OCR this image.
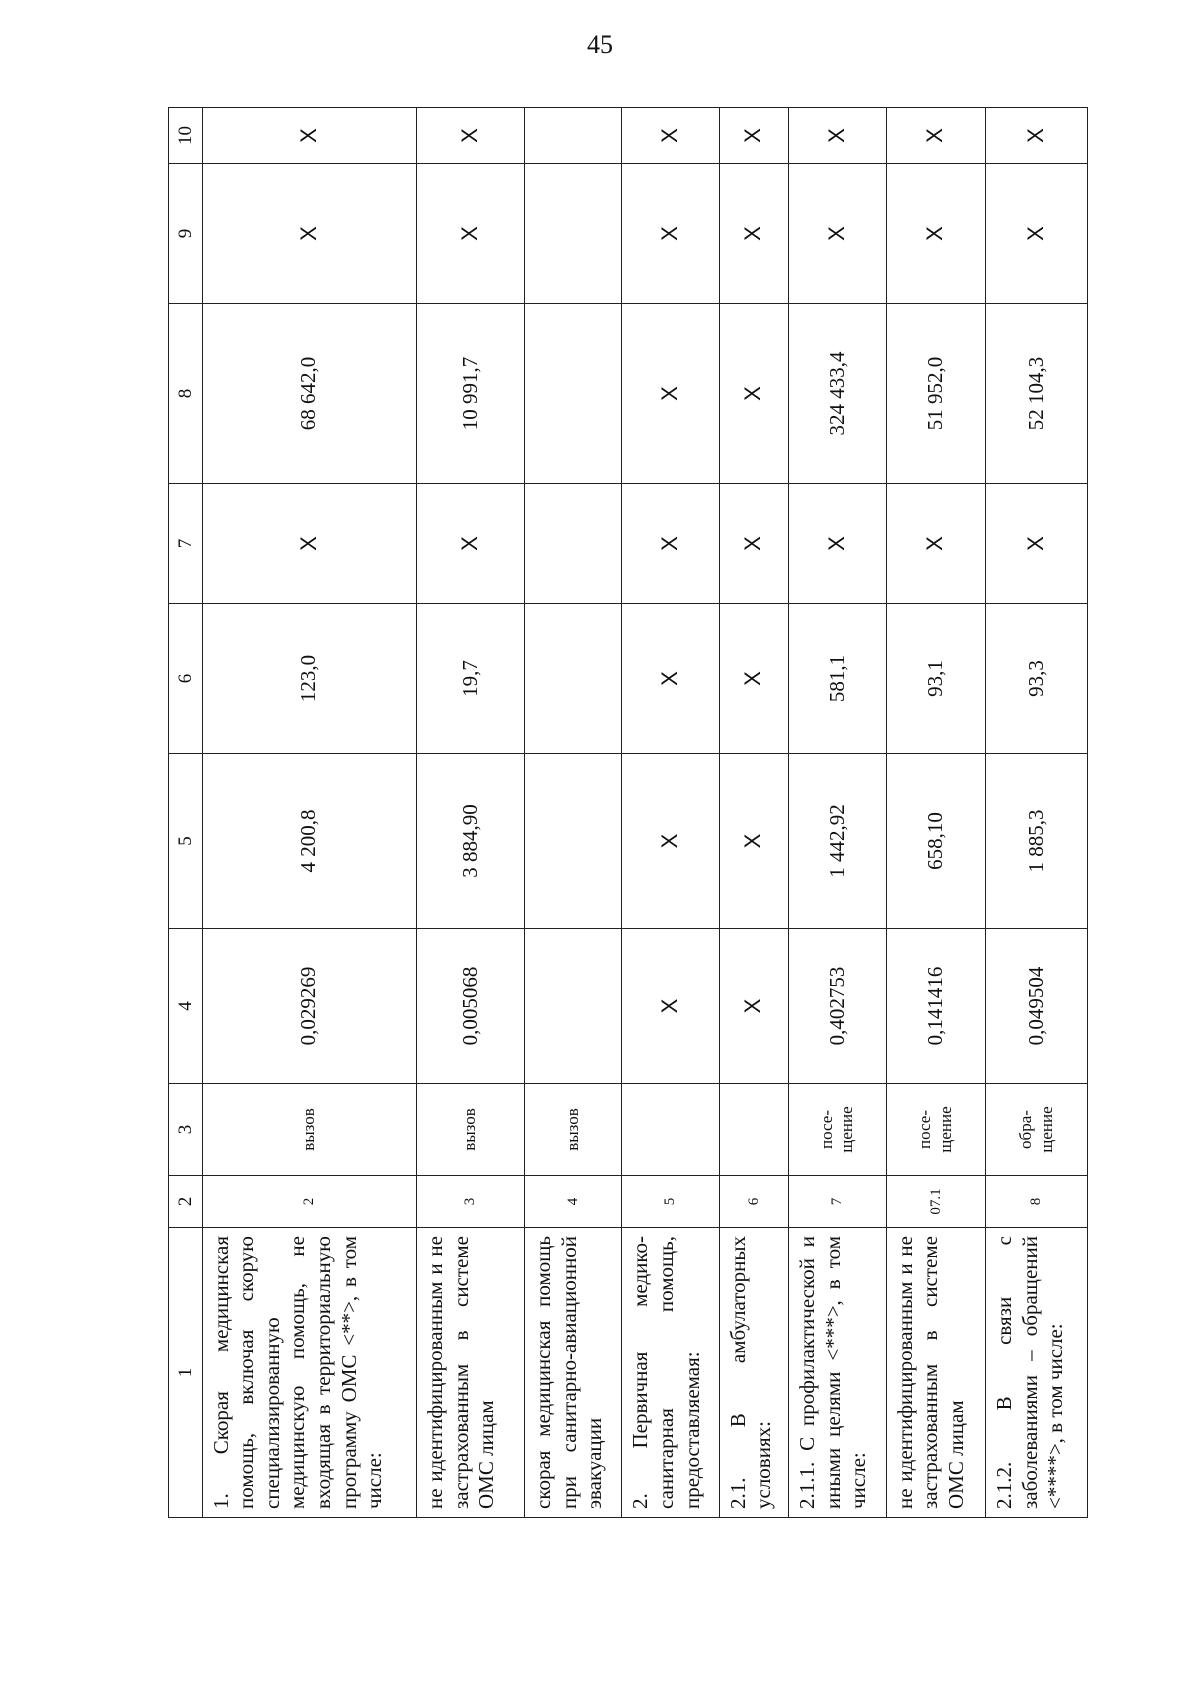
45
1	2	3	4	5	6	7	8	9	10
1. Скорая медицинская помощь, включая скорую специализированную медицинскую помощь, не входящая в территориальную программу ОМС <**>, в том числе:	2	вызов	0,029269	4 200,8	123,0	X	68 642,0	X	X
не идентифицированным и не застрахованным в системе ОМС лицам	3	вызов	0,005068	3 884,90	19,7	X	10 991,7	X	X
скорая медицинская помощь при санитарно-авиационной эвакуации	4	вызов							
2. Первичная медико-санитарная помощь, предоставляемая:	5		X	X	X	X	X	X	X
2.1. В амбулаторных условиях:	6		X	X	X	X	X	X	X
2.1.1. С профилактической и иными целями <***>, в том числе:	7	посе-щение	0,402753	1 442,92	581,1	X	324 433,4	X	X
не идентифицированным и не застрахованным в системе ОМС лицам	07.1	посе-щение	0,141416	658,10	93,1	X	51 952,0	X	X
2.1.2. В связи с заболеваниями – обращений <****>, в том числе:	8	обра-щение	0,049504	1 885,3	93,3	X	52 104,3	X	X
